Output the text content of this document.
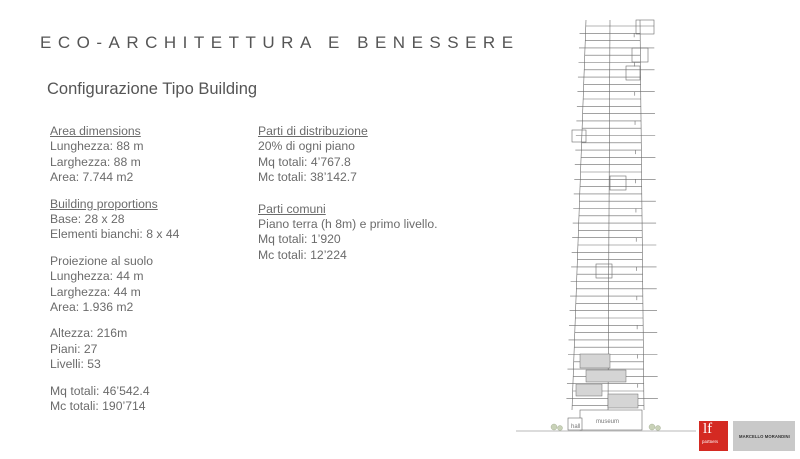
ECO-ARCHITETTURA E BENESSERE
Configurazione Tipo Building
Area dimensions
Lunghezza: 88 m
Larghezza: 88 m
Area: 7.744 m2
Building proportions
Base: 28 x 28
Elementi bianchi: 8 x 44
Proiezione al suolo
Lunghezza: 44 m
Larghezza: 44 m
Area: 1.936 m2
Altezza: 216m
Piani: 27
Livelli: 53
Mq totali: 46’542.4
Mc totali: 190’714
Parti di distribuzione
20% di ogni piano
Mq totali: 4’767.8
Mc totali: 38’142.7
Parti comuni
Piano terra (h 8m) e primo livello.
Mq totali: 1’920
Mc totali: 12’224
hall
museum	lf
partners
MARCELLO MORANDINI
